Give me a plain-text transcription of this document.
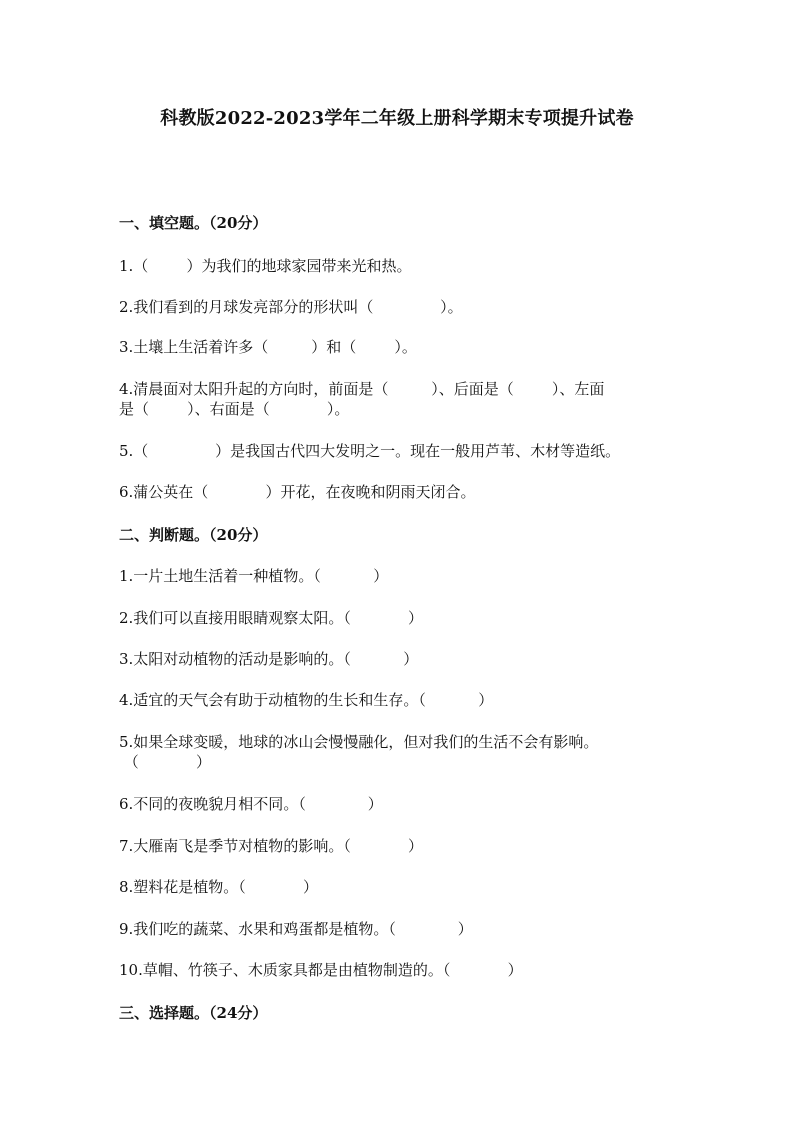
科教版2022-2023学年二年级上册科学期末专项提升试卷
一、填空题。（20分）
1.（        ）为我们的地球家园带来光和热。
2.我们看到的月球发亮部分的形状叫（              ）。
3.土壤上生活着许多（         ）和（        ）。
4.清晨面对太阳升起的方向时，前面是（         ）、后面是（        ）、左面
是（        ）、右面是（            ）。
5.（              ）是我国古代四大发明之一。现在一般用芦苇、木材等造纸。
6.蒲公英在（            ）开花，在夜晚和阴雨天闭合。
二、判断题。（20分）
1.一片土地生活着一种植物。（           ）
2.我们可以直接用眼睛观察太阳。（            ）
3.太阳对动植物的活动是影响的。（           ）
4.适宜的天气会有助于动植物的生长和生存。（           ）
5.如果全球变暖，地球的冰山会慢慢融化，但对我们的生活不会有影响。
（            ）
6.不同的夜晚貌月相不同。（             ）
7.大雁南飞是季节对植物的影响。（            ）
8.塑料花是植物。（            ）
9.我们吃的蔬菜、水果和鸡蛋都是植物。（             ）
10.草帽、竹筷子、木质家具都是由植物制造的。（            ）
三、选择题。（24分）
